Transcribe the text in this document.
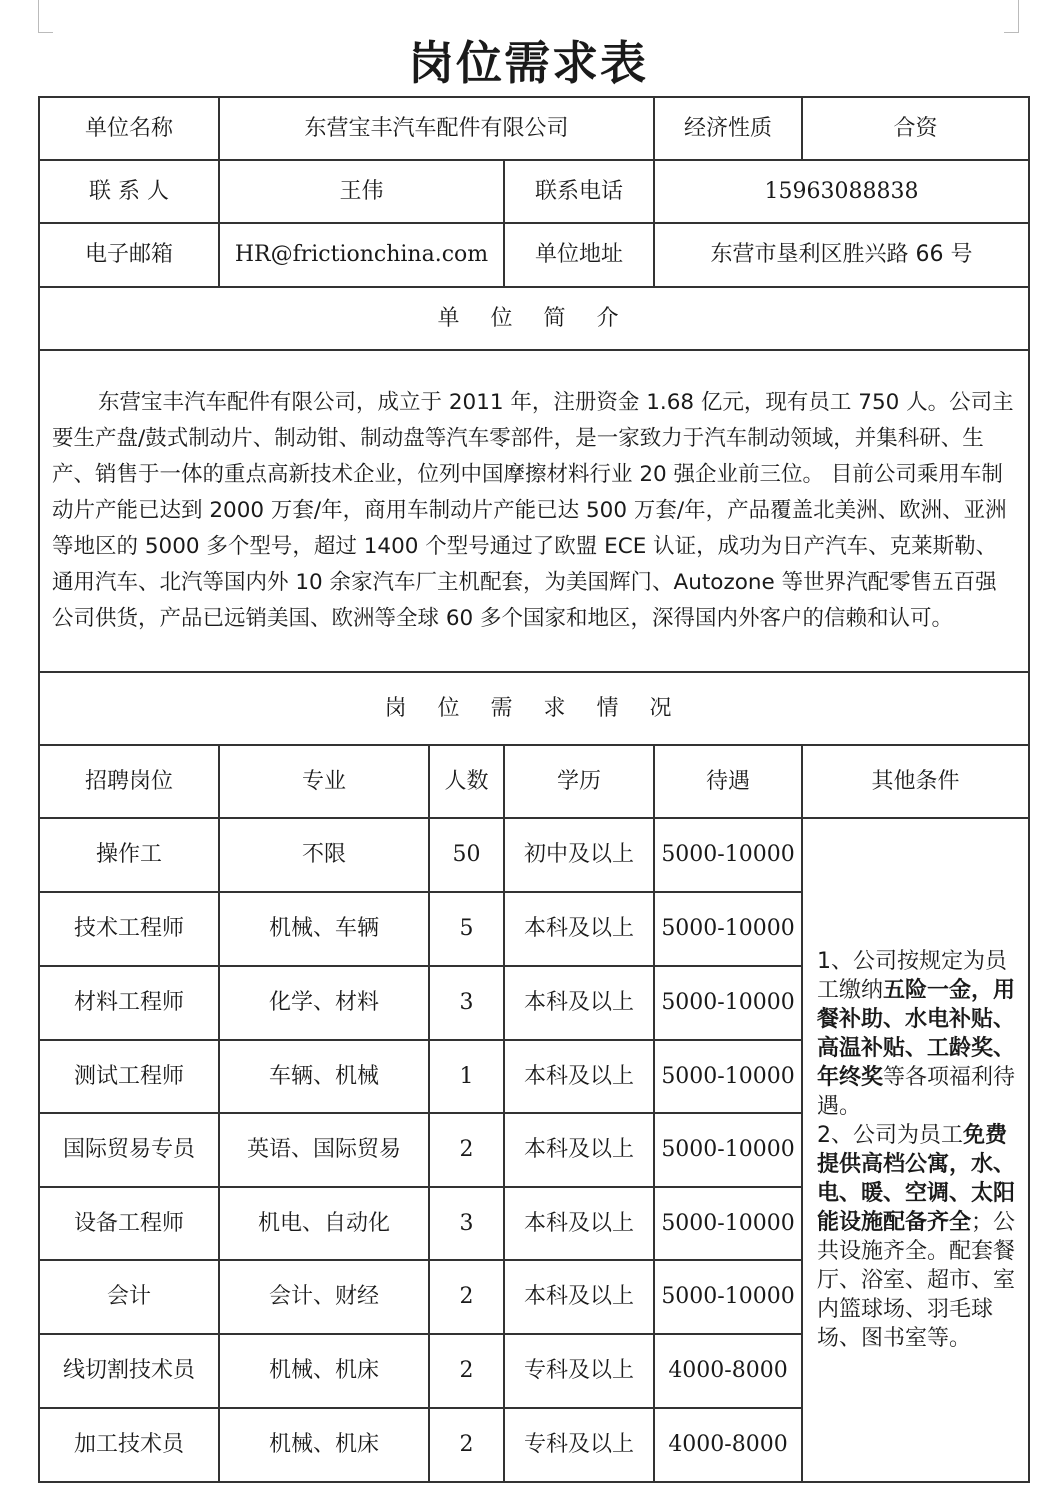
岗位需求表
单位名称	东营宝丰汽车配件有限公司			经济性质	合资
联 系 人	王伟		联系电话	15963088838	
电子邮箱	HR@frictionchina.com		单位地址	东营市垦利区胜兴路 66 号	
单 位 简 介					
东营宝丰汽车配件有限公司，成立于 2011 年，注册资金 1.68 亿元，现有员工 750 人。公司主要生产盘/鼓式制动片、制动钳、制动盘等汽车零部件，是一家致力于汽车制动领域，并集科研、生产、销售于一体的重点高新技术企业，位列中国摩擦材料行业 20 强企业前三位。 目前公司乘用车制动片产能已达到 2000 万套/年，商用车制动片产能已达 500 万套/年，产品覆盖北美洲、欧洲、亚洲等地区的 5000 多个型号，超过 1400 个型号通过了欧盟 ECE 认证，成功为日产汽车、克莱斯勒、通用汽车、北汽等国内外 10 余家汽车厂主机配套，为美国辉门、Autozone 等世界汽配零售五百强公司供货，产品已远销美国、欧洲等全球 60 多个国家和地区，深得国内外客户的信赖和认可。					
岗 位 需 求 情 况					
招聘岗位	专业	人数	学历	待遇	其他条件
操作工	不限	50	初中及以上	5000-10000	1、公司按规定为员工缴纳五险一金，用餐补助、水电补贴、高温补贴、工龄奖、年终奖等各项福利待遇。
2、公司为员工免费提供高档公寓，水、电、暖、空调、太阳能设施配备齐全；公共设施齐全。配套餐厅、浴室、超市、室内篮球场、羽毛球场、图书室等。
技术工程师	机械、车辆	5	本科及以上	5000-10000	
材料工程师	化学、材料	3	本科及以上	5000-10000	
测试工程师	车辆、机械	1	本科及以上	5000-10000	
国际贸易专员	英语、国际贸易	2	本科及以上	5000-10000	
设备工程师	机电、自动化	3	本科及以上	5000-10000	
会计	会计、财经	2	本科及以上	5000-10000	
线切割技术员	机械、机床	2	专科及以上	4000-8000	
加工技术员	机械、机床	2	专科及以上	4000-8000	
